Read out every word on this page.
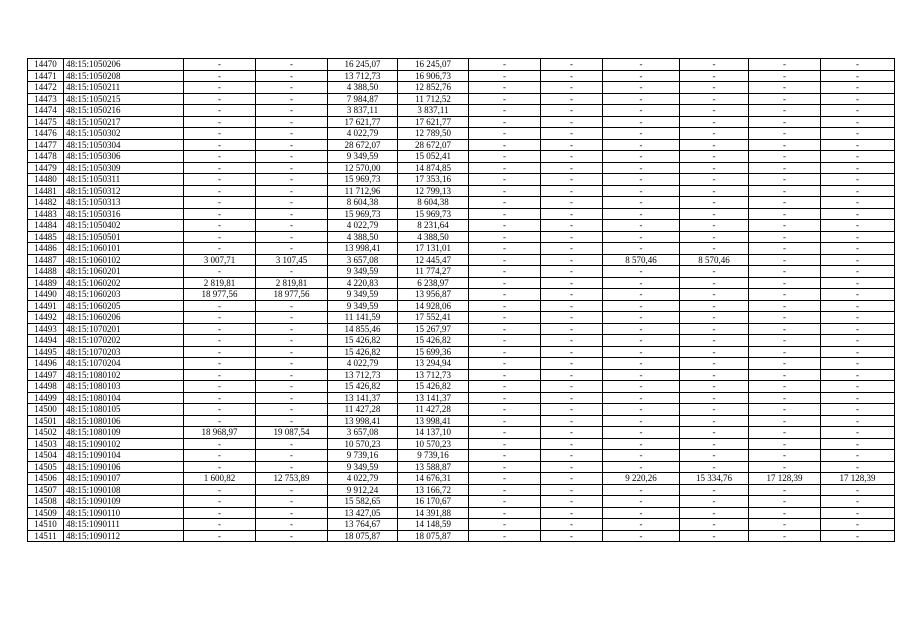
14470	48:15:1050206	-	-	16 245,07	16 245,07	-	-	-	-	-	-
14471	48:15:1050208	-	-	13 712,73	16 906,73	-	-	-	-	-	-
14472	48:15:1050211	-	-	4 388,50	12 852,76	-	-	-	-	-	-
14473	48:15:1050215	-	-	7 984,87	11 712,52	-	-	-	-	-	-
14474	48:15:1050216	-	-	3 837,11	3 837,11	-	-	-	-	-	-
14475	48:15:1050217	-	-	17 621,77	17 621,77	-	-	-	-	-	-
14476	48:15:1050302	-	-	4 022,79	12 789,50	-	-	-	-	-	-
14477	48:15:1050304	-	-	28 672,07	28 672,07	-	-	-	-	-	-
14478	48:15:1050306	-	-	9 349,59	15 052,41	-	-	-	-	-	-
14479	48:15:1050309	-	-	12 570,00	14 874,85	-	-	-	-	-	-
14480	48:15:1050311	-	-	15 969,73	17 353,16	-	-	-	-	-	-
14481	48:15:1050312	-	-	11 712,96	12 799,13	-	-	-	-	-	-
14482	48:15:1050313	-	-	8 604,38	8 604,38	-	-	-	-	-	-
14483	48:15:1050316	-	-	15 969,73	15 969,73	-	-	-	-	-	-
14484	48:15:1050402	-	-	4 022,79	8 231,64	-	-	-	-	-	-
14485	48:15:1050501	-	-	4 388,50	4 388,50	-	-	-	-	-	-
14486	48:15:1060101	-	-	13 998,41	17 131,01	-	-	-	-	-	-
14487	48:15:1060102	3 007,71	3 107,45	3 657,08	12 445,47	-	-	8 570,46	8 570,46	-	-
14488	48:15:1060201	-	-	9 349,59	11 774,27	-	-	-	-	-	-
14489	48:15:1060202	2 819,81	2 819,81	4 220,83	6 238,97	-	-	-	-	-	-
14490	48:15:1060203	18 977,56	18 977,56	9 349,59	13 956,87	-	-	-	-	-	-
14491	48:15:1060205	-	-	9 349,59	14 928,06	-	-	-	-	-	-
14492	48:15:1060206	-	-	11 141,59	17 552,41	-	-	-	-	-	-
14493	48:15:1070201	-	-	14 855,46	15 267,97	-	-	-	-	-	-
14494	48:15:1070202	-	-	15 426,82	15 426,82	-	-	-	-	-	-
14495	48:15:1070203	-	-	15 426,82	15 699,36	-	-	-	-	-	-
14496	48:15:1070204	-	-	4 022,79	13 294,94	-	-	-	-	-	-
14497	48:15:1080102	-	-	13 712,73	13 712,73	-	-	-	-	-	-
14498	48:15:1080103	-	-	15 426,82	15 426,82	-	-	-	-	-	-
14499	48:15:1080104	-	-	13 141,37	13 141,37	-	-	-	-	-	-
14500	48:15:1080105	-	-	11 427,28	11 427,28	-	-	-	-	-	-
14501	48:15:1080106	-	-	13 998,41	13 998,41	-	-	-	-	-	-
14502	48:15:1080109	18 968,97	19 087,54	3 657,08	14 137,10	-	-	-	-	-	-
14503	48:15:1090102	-	-	10 570,23	10 570,23	-	-	-	-	-	-
14504	48:15:1090104	-	-	9 739,16	9 739,16	-	-	-	-	-	-
14505	48:15:1090106	-	-	9 349,59	13 588,87	-	-	-	-	-	-
14506	48:15:1090107	1 600,82	12 753,89	4 022,79	14 676,31	-	-	9 220,26	15 334,76	17 128,39	17 128,39
14507	48:15:1090108	-	-	9 912,24	13 166,72	-	-	-	-	-	-
14508	48:15:1090109	-	-	15 582,65	16 170,67	-	-	-	-	-	-
14509	48:15:1090110	-	-	13 427,05	14 391,88	-	-	-	-	-	-
14510	48:15:1090111	-	-	13 764,67	14 148,59	-	-	-	-	-	-
14511	48:15:1090112	-	-	18 075,87	18 075,87	-	-	-	-	-	-
